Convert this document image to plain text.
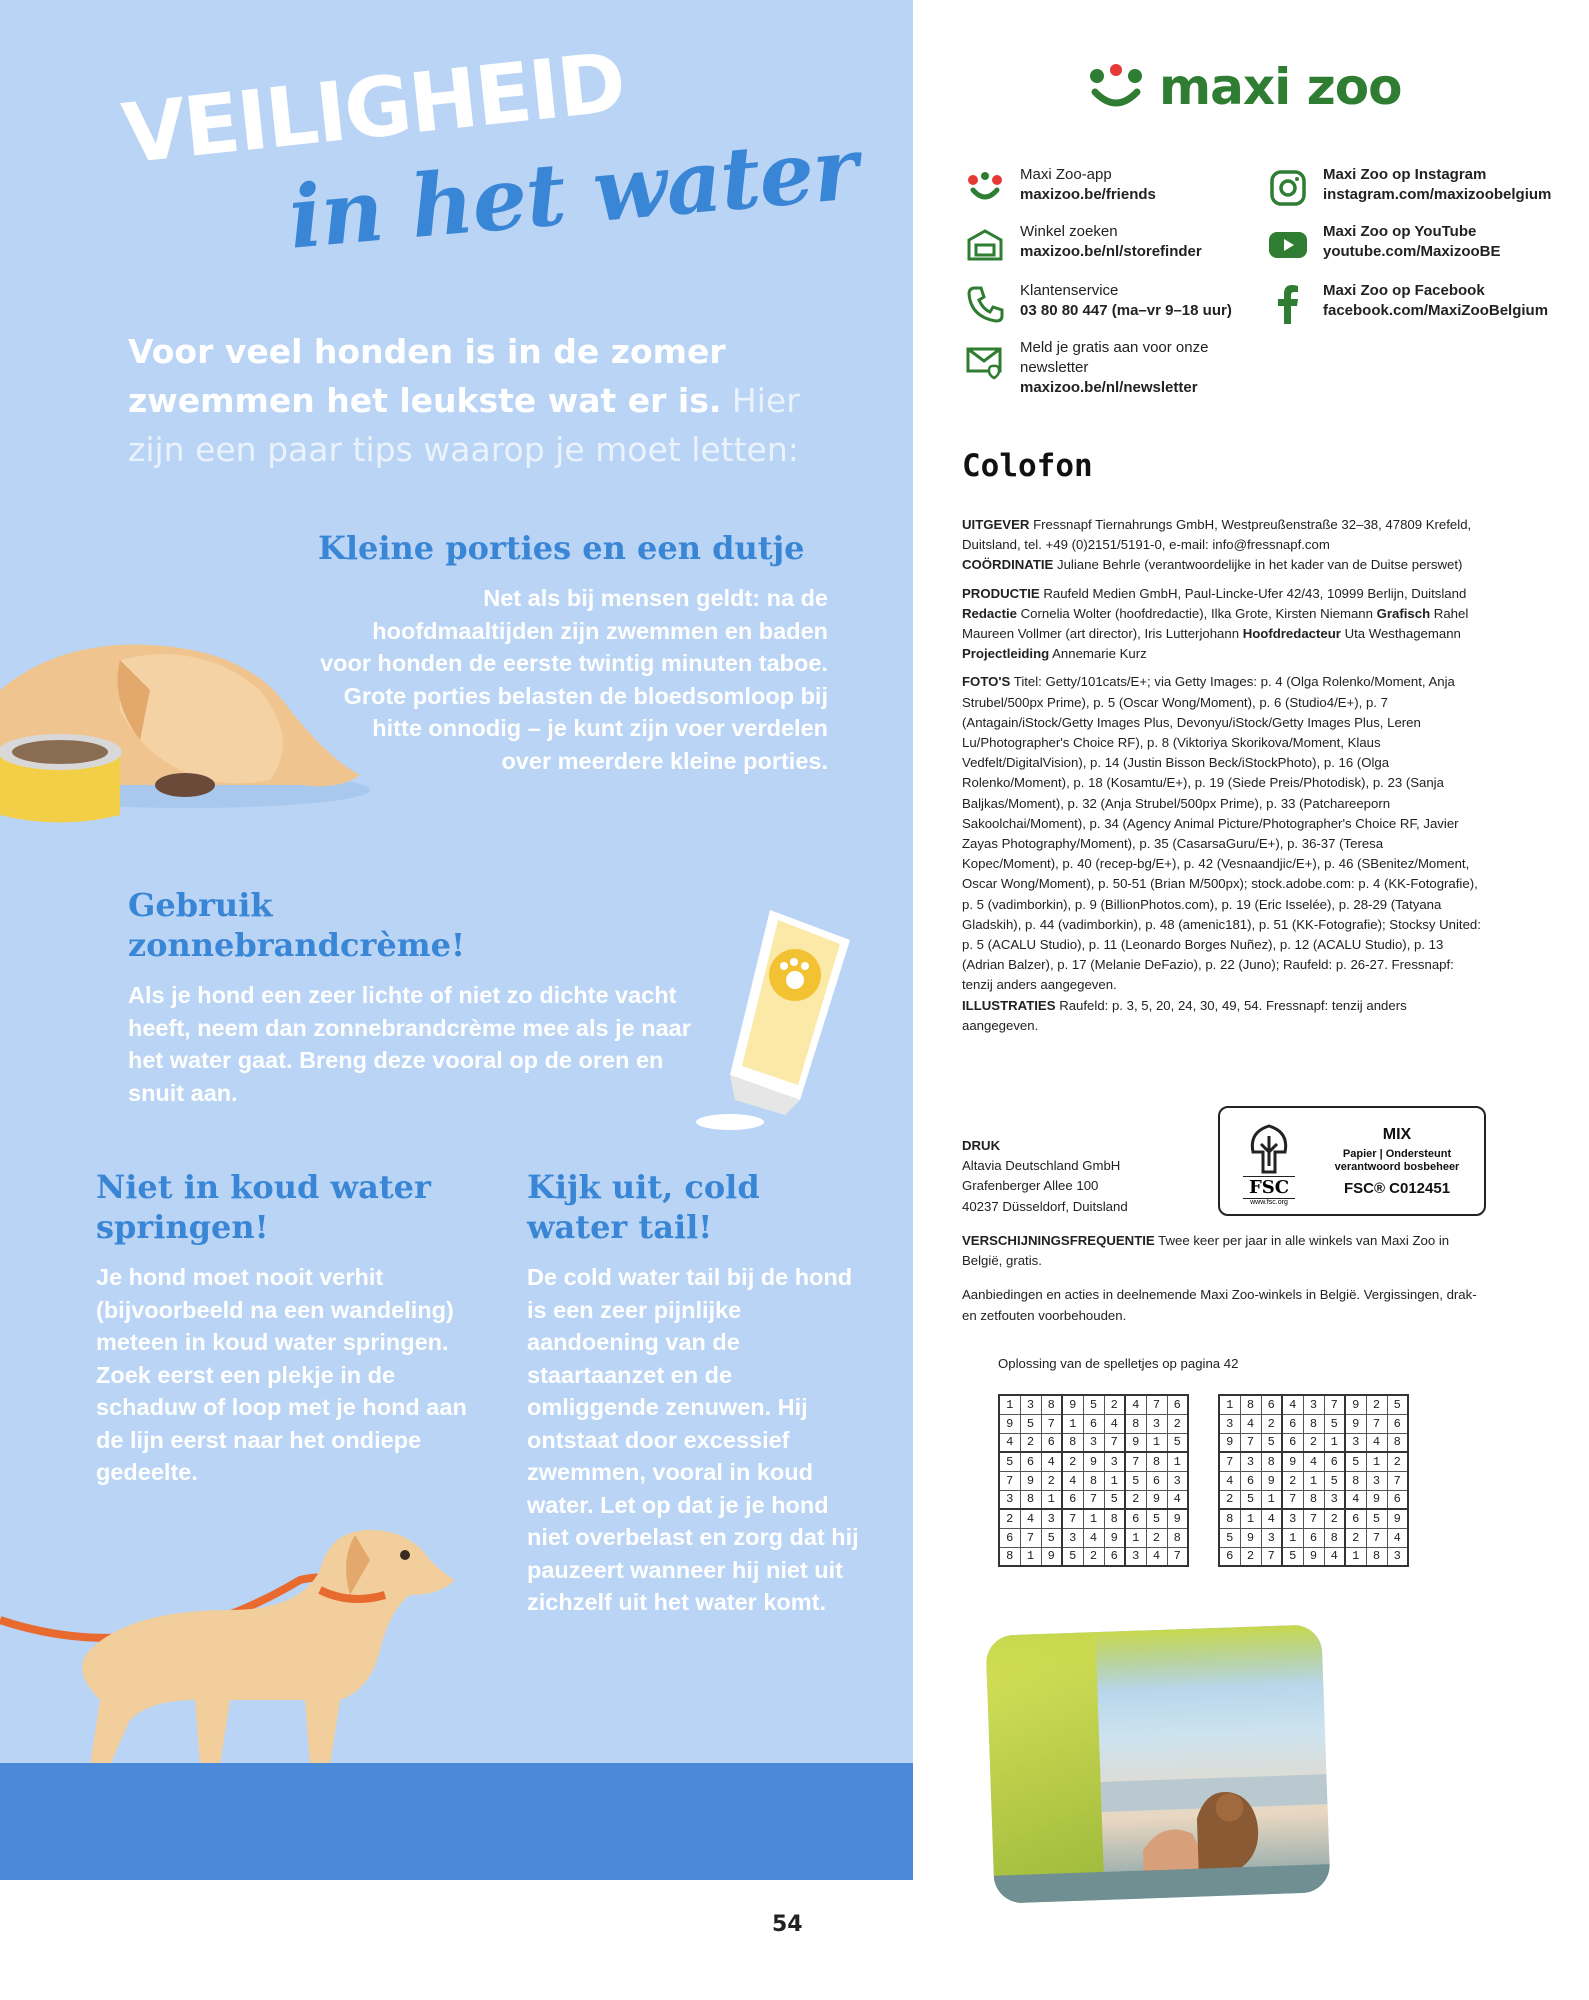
VEILIGHEID
in het water
Voor veel honden is in de zomer zwemmen het leukste wat er is. Hier zijn een paar tips waarop je moet letten:
Kleine porties en een dutje

Net als bij mensen geldt: na de hoofdmaaltijden zijn zwemmen en baden voor honden de eerste twintig minuten taboe. Grote porties belasten de bloedsomloop bij hitte onnodig – je kunt zijn voer verdelen over meerdere kleine porties.

Gebruik zonnebrandcrème!

Als je hond een zeer lichte of niet zo dichte vacht heeft, neem dan zonnebrandcrème mee als je naar het water gaat. Breng deze vooral op de oren en snuit aan.

Niet in koud water springen!

Je hond moet nooit verhit (bijvoorbeeld na een wandeling) meteen in koud water springen. Zoek eerst een plekje in de schaduw of loop met je hond aan de lijn eerst naar het ondiepe gedeelte.

Kijk uit, cold water tail!

De cold water tail bij de hond is een zeer pijnlijke aandoening van de staartaanzet en de omliggende zenuwen. Hij ontstaat door excessief zwemmen, vooral in koud water. Let op dat je je hond niet overbelast en zorg dat hij pauzeert wanneer hij niet uit zichzelf uit het water komt.

maxi zoo
Maxi Zoo-app
maxizoo.be/friends
Winkel zoeken
maxizoo.be/nl/storefinder
Klantenservice
03 80 80 447 (ma–vr 9–18 uur)
Meld je gratis aan voor onze newsletter
maxizoo.be/nl/newsletter
Maxi Zoo op Instagram
instagram.com/maxizoobelgium
Maxi Zoo op YouTube
youtube.com/MaxizooBE
Maxi Zoo op Facebook
facebook.com/MaxiZooBelgium
Colofon

UITGEVER Fressnapf Tiernahrungs GmbH, Westpreußenstraße 32–38, 47809 Krefeld, Duitsland, tel. +49 (0)2151/5191-0, e-mail: info@fressnapf.com
COÖRDINATIE Juliane Behrle (verantwoordelijke in het kader van de Duitse perswet)

PRODUCTIE Raufeld Medien GmbH, Paul-Lincke-Ufer 42/43, 10999 Berlijn, Duitsland Redactie Cornelia Wolter (hoofdredactie), Ilka Grote, Kirsten Niemann Grafisch Rahel Maureen Vollmer (art director), Iris Lutterjohann Hoofdredacteur Uta Westhagemann Projectleiding Annemarie Kurz

FOTO'S Titel: Getty/101cats/E+; via Getty Images: p. 4 (Olga Rolenko/Moment, Anja Strubel/500px Prime), p. 5 (Oscar Wong/Moment), p. 6 (Studio4/E+), p. 7 (Antagain/iStock/Getty Images Plus, Devonyu/iStock/Getty Images Plus, Leren Lu/Photographer's Choice RF), p. 8 (Viktoriya Skorikova/Moment, Klaus Vedfelt/DigitalVision), p. 14 (Justin Bisson Beck/iStockPhoto), p. 16 (Olga Rolenko/Moment), p. 18 (Kosamtu/E+), p. 19 (Siede Preis/Photodisk), p. 23 (Sanja Baljkas/Moment), p. 32 (Anja Strubel/500px Prime), p. 33 (Patchareeporn Sakoolchai/Moment), p. 34 (Agency Animal Picture/Photographer's Choice RF, Javier Zayas Photography/Moment), p. 35 (CasarsaGuru/E+), p. 36-37 (Teresa Kopec/Moment), p. 40 (recep-bg/E+), p. 42 (Vesnaandjic/E+), p. 46 (SBenitez/Moment, Oscar Wong/Moment), p. 50-51 (Brian M/500px); stock.adobe.com: p. 4 (KK-Fotografie), p. 5 (vadimborkin), p. 9 (BillionPhotos.com), p. 19 (Eric Isselée), p. 28-29 (Tatyana Gladskih), p. 44 (vadimborkin), p. 48 (amenic181), p. 51 (KK-Fotografie); Stocksy United: p. 5 (ACALU Studio), p. 11 (Leonardo Borges Nuñez), p. 12 (ACALU Studio), p. 13 (Adrian Balzer), p. 17 (Melanie DeFazio), p. 22 (Juno); Raufeld: p. 26-27. Fressnapf: tenzij anders aangegeven.
ILLUSTRATIES Raufeld: p. 3, 5, 20, 24, 30, 49, 54. Fressnapf: tenzij anders aangegeven.

DRUK
Altavia Deutschland GmbH
Grafenberger Allee 100
40237 Düsseldorf, Duitsland
FSC
www.fsc.org
MIX
Papier | Ondersteunt verantwoord bosbeheer
FSC® C012451

VERSCHIJNINGSFREQUENTIE Twee keer per jaar in alle winkels van Maxi Zoo in België, gratis.

Aanbiedingen en acties in deelnemende Maxi Zoo-winkels in België. Vergissingen, drak- en zetfouten voorbehouden.

Oplossing van de spelletjes op pagina 42
1	3	8	9	5	2	4	7	6
9	5	7	1	6	4	8	3	2
4	2	6	8	3	7	9	1	5
5	6	4	2	9	3	7	8	1
7	9	2	4	8	1	5	6	3
3	8	1	6	7	5	2	9	4
2	4	3	7	1	8	6	5	9
6	7	5	3	4	9	1	2	8
8	1	9	5	2	6	3	4	7
1	8	6	4	3	7	9	2	5
3	4	2	6	8	5	9	7	6
9	7	5	6	2	1	3	4	8
7	3	8	9	4	6	5	1	2
4	6	9	2	1	5	8	3	7
2	5	1	7	8	3	4	9	6
8	1	4	3	7	2	6	5	9
5	9	3	1	6	8	2	7	4
6	2	7	5	9	4	1	8	3
54
